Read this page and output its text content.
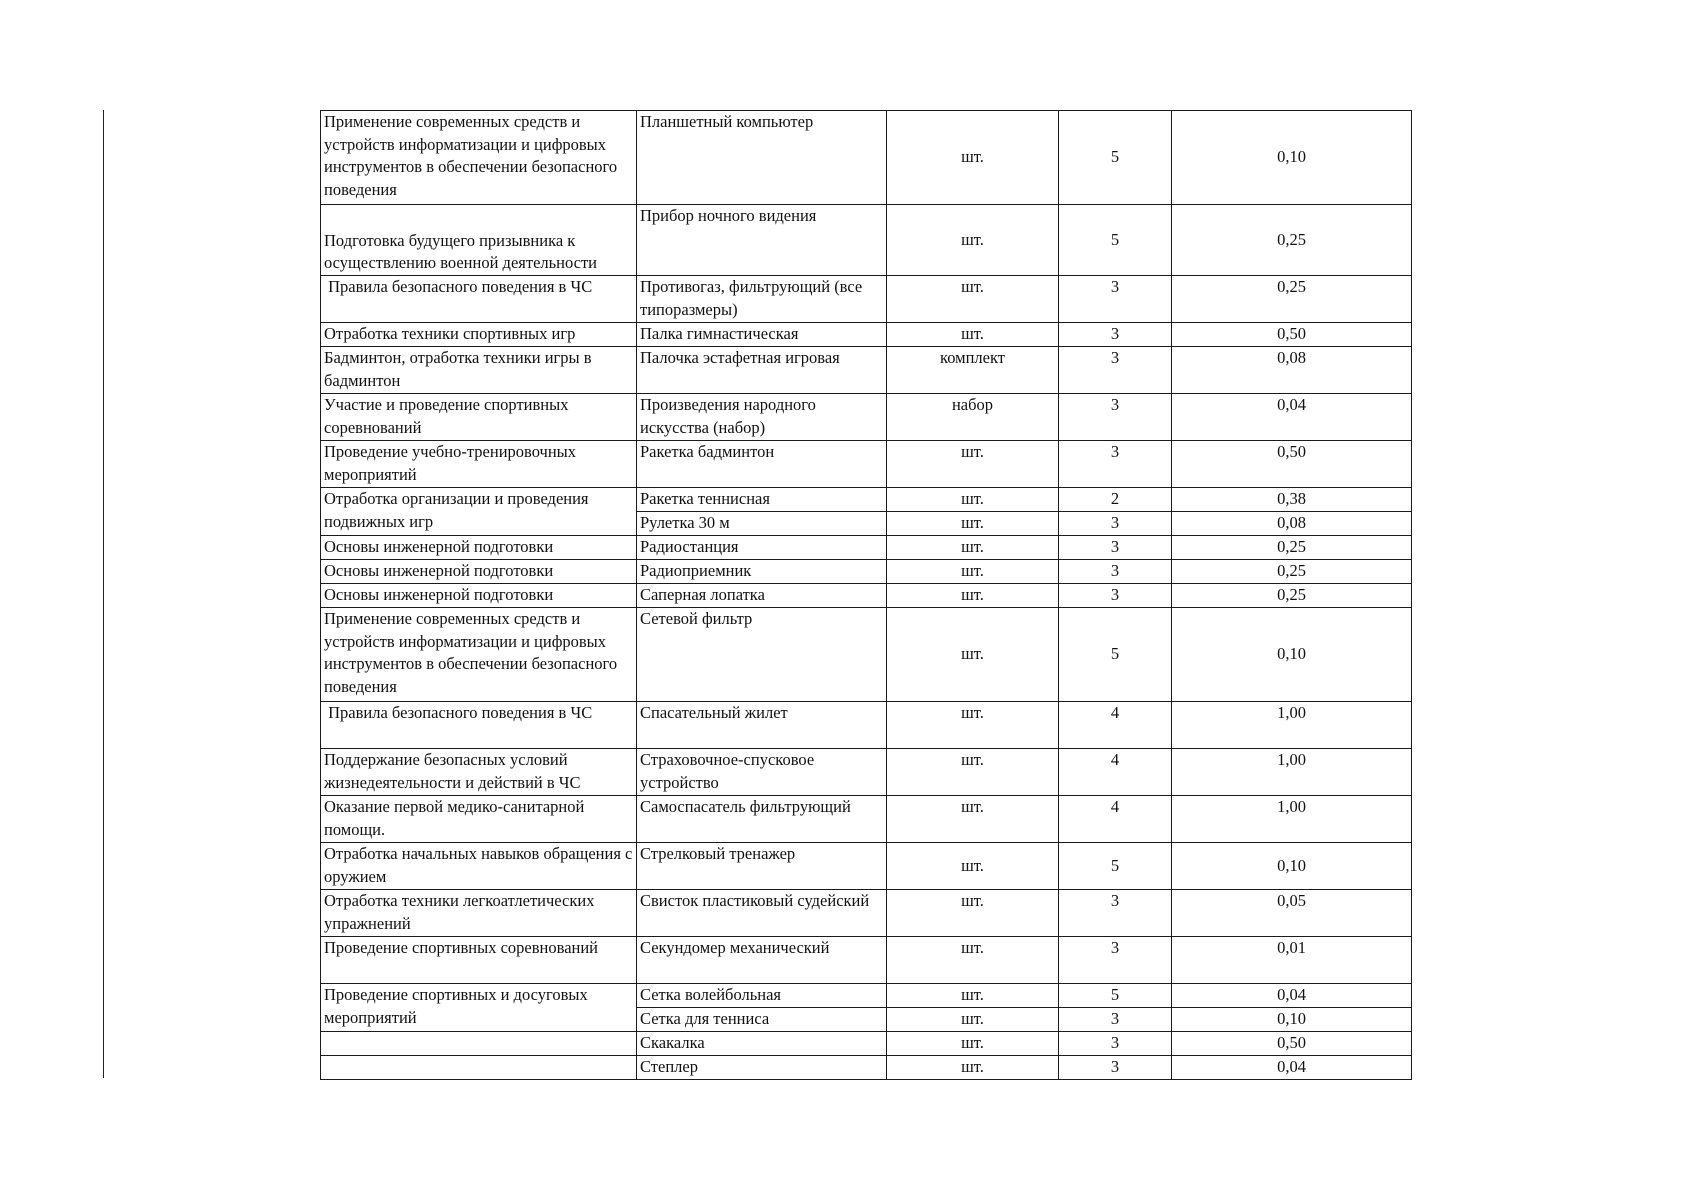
Применение современных средств и устройств информатизации и цифровых инструментов в обеспечении безопасного поведения	Планшетный компьютер	шт.	5	0,10
Подготовка будущего призывника к осуществлению военной деятельности	Прибор ночного видения	шт.	5	0,25
Правила безопасного поведения в ЧС	Противогаз, фильтрующий (все типоразмеры)	шт.	3	0,25
Отработка техники спортивных игр	Палка гимнастическая	шт.	3	0,50
Бадминтон, отработка техники игры в бадминтон	Палочка эстафетная игровая	комплект	3	0,08
Участие и проведение спортивных соревнований	Произведения народного искусства (набор)	набор	3	0,04
Проведение учебно-тренировочных мероприятий	Ракетка бадминтон	шт.	3	0,50
Отработка организации и проведения подвижных игр	Ракетка теннисная	шт.	2	0,38
	Рулетка 30 м	шт.	3	0,08
Основы инженерной подготовки	Радиостанция	шт.	3	0,25
Основы инженерной подготовки	Радиоприемник	шт.	3	0,25
Основы инженерной подготовки	Саперная лопатка	шт.	3	0,25
Применение современных средств и устройств информатизации и цифровых инструментов в обеспечении безопасного поведения	Сетевой фильтр	шт.	5	0,10
Правила безопасного поведения в ЧС	Спасательный жилет	шт.	4	1,00
Поддержание безопасных условий жизнедеятельности и действий в ЧС	Страховочное-спусковое устройство	шт.	4	1,00
Оказание первой медико-санитарной помощи.	Самоспасатель фильтрующий	шт.	4	1,00
Отработка начальных навыков обращения с оружием	Стрелковый тренажер	шт.	5	0,10
Отработка техники легкоатлетических упражнений	Свисток пластиковый судейский	шт.	3	0,05
Проведение спортивных соревнований	Секундомер механический	шт.	3	0,01
Проведение спортивных и досуговых мероприятий	Сетка волейбольная	шт.	5	0,04
	Сетка для тенниса	шт.	3	0,10
	Скакалка	шт.	3	0,50
	Степлер	шт.	3	0,04
